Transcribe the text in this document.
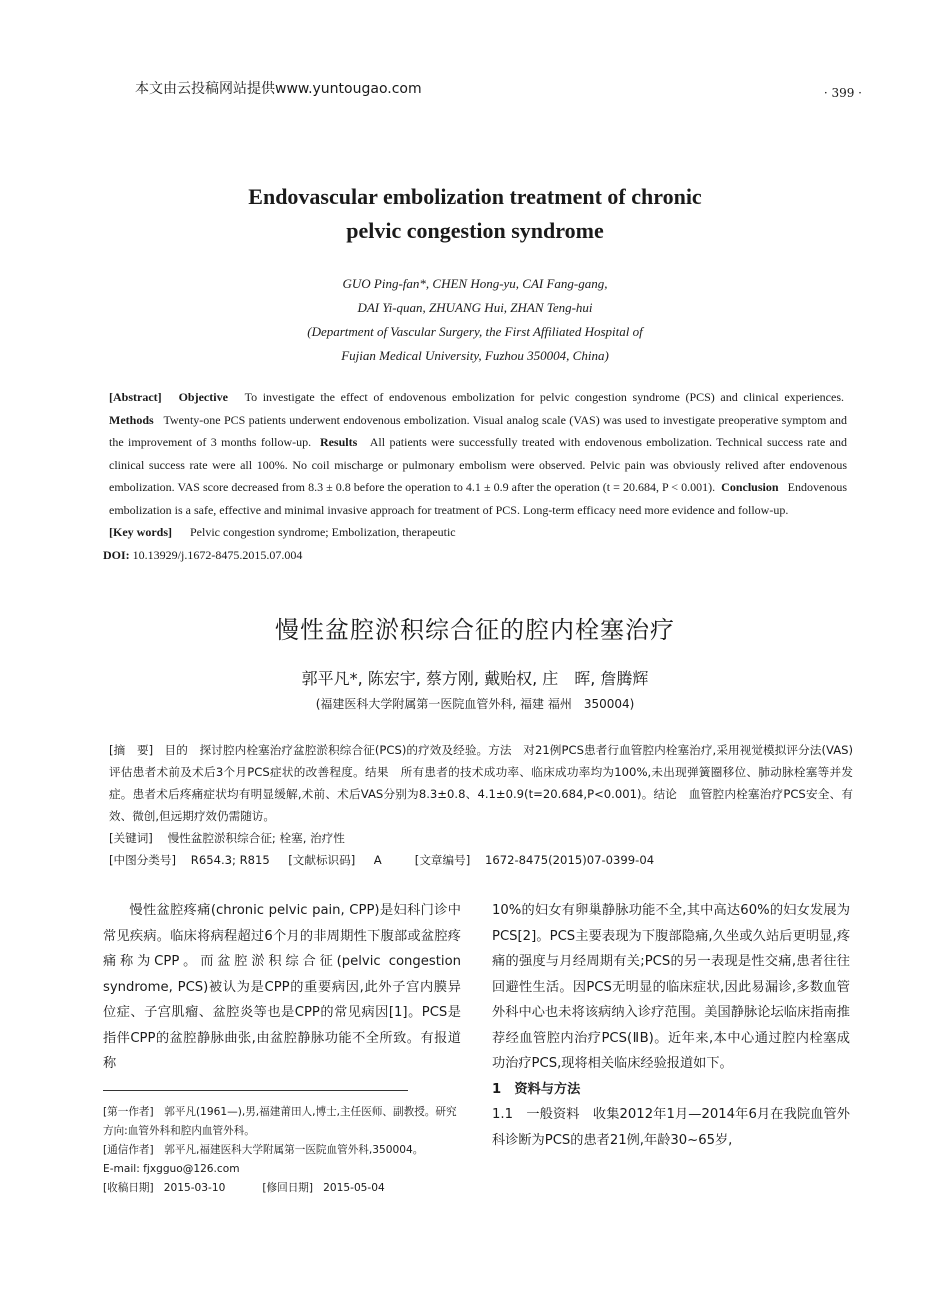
本文由云投稿网站提供www.yuntougao.com	· 399 ·
Endovascular embolization treatment of chronic
pelvic congestion syndrome
GUO Ping-fan*, CHEN Hong-yu, CAI Fang-gang,
DAI Yi-quan, ZHUANG Hui, ZHAN Teng-hui
(Department of Vascular Surgery, the First Affiliated Hospital of
Fujian Medical University, Fuzhou 350004, China)

[Abstract] Objective To investigate the effect of endovenous embolization for pelvic congestion syndrome (PCS) and clinical experiences.  Methods Twenty-one PCS patients underwent endovenous embolization. Visual analog scale (VAS) was used to investigate preoperative symptom and the improvement of 3 months follow-up. Results All patients were successfully treated with endovenous embolization. Technical success rate and clinical success rate were all 100%. No coil mischarge or pulmonary embolism were observed. Pelvic pain was obviously relived after endovenous embolization. VAS score decreased from 8.3 ± 0.8 before the operation to 4.1 ± 0.9 after the operation (t = 20.684, P < 0.001). Conclusion Endovenous embolization is a safe, effective and minimal invasive approach for treatment of PCS. Long-term efficacy need more evidence and follow-up.

[Key words] Pelvic congestion syndrome; Embolization, therapeutic

DOI: 10.13929/j.1672-8475.2015.07.004

慢性盆腔淤积综合征的腔内栓塞治疗
郭平凡*, 陈宏宇, 蔡方刚, 戴贻权, 庄　晖, 詹腾辉
(福建医科大学附属第一医院血管外科, 福建 福州　350004)

[摘　要] 目的　探讨腔内栓塞治疗盆腔淤积综合征(PCS)的疗效及经验。方法　对21例PCS患者行血管腔内栓塞治疗,采用视觉模拟评分法(VAS)评估患者术前及术后3个月PCS症状的改善程度。结果　所有患者的技术成功率、临床成功率均为100%,未出现弹簧圈移位、肺动脉栓塞等并发症。患者术后疼痛症状均有明显缓解,术前、术后VAS分别为8.3±0.8、4.1±0.9(t=20.684,P<0.001)。结论　血管腔内栓塞治疗PCS安全、有效、微创,但远期疗效仍需随访。

[关键词] 慢性盆腔淤积综合征; 栓塞, 治疗性

[中图分类号] R654.3; R815 [文献标识码] A	[文章编号] 1672-8475(2015)07-0399-04

慢性盆腔疼痛(chronic pelvic pain, CPP)是妇科门诊中常见疾病。临床将病程超过6个月的非周期性下腹部或盆腔疼痛称为CPP。而盆腔淤积综合征(pelvic congestion syndrome, PCS)被认为是CPP的重要病因,此外子宫内膜异位症、子宫肌瘤、盆腔炎等也是CPP的常见病因[1]。PCS是指伴CPP的盆腔静脉曲张,由盆腔静脉功能不全所致。有报道称

10%的妇女有卵巢静脉功能不全,其中高达60%的妇女发展为PCS[2]。PCS主要表现为下腹部隐痛,久坐或久站后更明显,疼痛的强度与月经周期有关;PCS的另一表现是性交痛,患者往往回避性生活。因PCS无明显的临床症状,因此易漏诊,多数血管外科中心也未将该病纳入诊疗范围。美国静脉论坛临床指南推荐经血管腔内治疗PCS(ⅡB)。近年来,本中心通过腔内栓塞成功治疗PCS,现将相关临床经验报道如下。

1　资料与方法

1.1　一般资料　收集2012年1月—2014年6月在我院血管外科诊断为PCS的患者21例,年龄30~65岁,

[第一作者]　郭平凡(1961—),男,福建莆田人,博士,主任医师、副教授。研究方向:血管外科和腔内血管外科。

[通信作者]　郭平凡,福建医科大学附属第一医院血管外科,350004。

E-mail: fjxgguo@126.com

[收稿日期] 2015-03-10	[修回日期] 2015-05-04
